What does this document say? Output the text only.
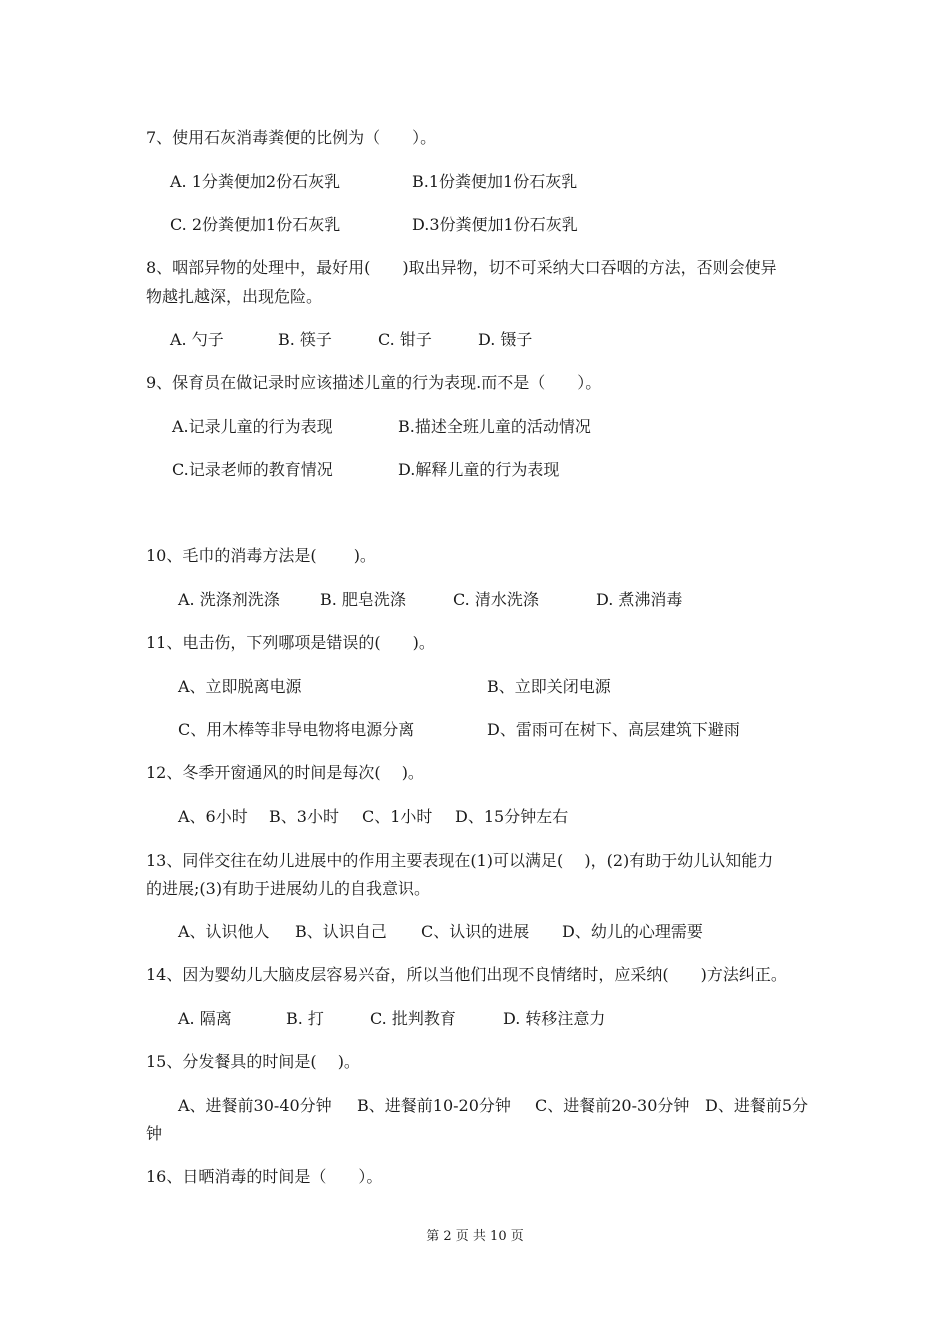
7、使用石灰消毒粪便的比例为（　　）。
A. 1分粪便加2份石灰乳	B.1份粪便加1份石灰乳
C. 2份粪便加1份石灰乳	D.3份粪便加1份石灰乳
8、咽部异物的处理中，最好用(　　)取出异物，切不可采纳大口吞咽的方法，否则会使异
物越扎越深，出现危险。
A. 勺子	B. 筷子	C. 钳子	D. 镊子
9、保育员在做记录时应该描述儿童的行为表现.而不是（　　）。
A.记录儿童的行为表现	B.描述全班儿童的活动情况
C.记录老师的教育情况	D.解释儿童的行为表现
10、毛巾的消毒方法是(　　 )。
A. 洗涤剂洗涤	B. 肥皂洗涤	C. 清水洗涤	D. 煮沸消毒
11、电击伤，下列哪项是错误的(　　)。
A、立即脱离电源	B、立即关闭电源
C、用木棒等非导电物将电源分离	D、雷雨可在树下、高层建筑下避雨
12、冬季开窗通风的时间是每次(　 )。
A、6小时 B、3小时 C、1小时 D、15分钟左右
13、同伴交往在幼儿进展中的作用主要表现在(1)可以满足(　 )，(2)有助于幼儿认知能力
的进展;(3)有助于进展幼儿的自我意识。
A、认识他人 B、认识自己 C、认识的进展 D、幼儿的心理需要
14、因为婴幼儿大脑皮层容易兴奋，所以当他们出现不良情绪时，应采纳(　　)方法纠正。
A. 隔离	B. 打	C. 批判教育	D. 转移注意力
15、分发餐具的时间是(　 )。
A、进餐前30-40分钟 B、进餐前10-20分钟 C、进餐前20-30分钟 D、进餐前5分
钟
16、日晒消毒的时间是（　　）。
第 2 页 共 10 页
